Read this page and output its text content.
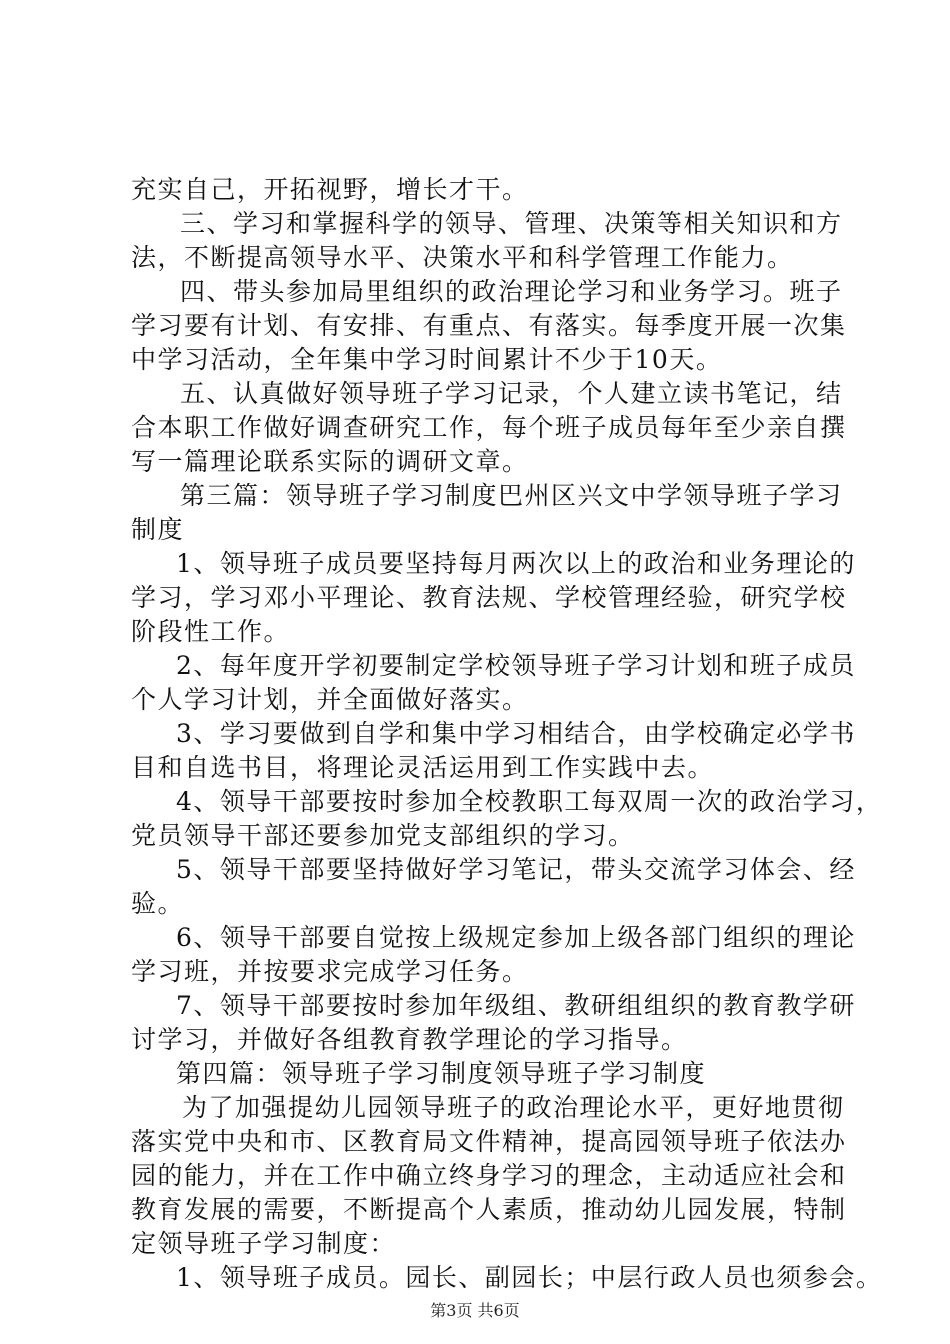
充实自己，开拓视野，增长才干。
三、学习和掌握科学的领导、管理、决策等相关知识和方
法，不断提高领导水平、决策水平和科学管理工作能力。
四、带头参加局里组织的政治理论学习和业务学习。班子
学习要有计划、有安排、有重点、有落实。每季度开展一次集
中学习活动，全年集中学习时间累计不少于10天。
五、认真做好领导班子学习记录，个人建立读书笔记，结
合本职工作做好调查研究工作，每个班子成员每年至少亲自撰
写一篇理论联系实际的调研文章。
第三篇：领导班子学习制度巴州区兴文中学领导班子学习
制度
1、领导班子成员要坚持每月两次以上的政治和业务理论的
学习，学习邓小平理论、教育法规、学校管理经验，研究学校
阶段性工作。
2、每年度开学初要制定学校领导班子学习计划和班子成员
个人学习计划，并全面做好落实。
3、学习要做到自学和集中学习相结合，由学校确定必学书
目和自选书目，将理论灵活运用到工作实践中去。
4、领导干部要按时参加全校教职工每双周一次的政治学习，
党员领导干部还要参加党支部组织的学习。
5、领导干部要坚持做好学习笔记，带头交流学习体会、经
验。
6、领导干部要自觉按上级规定参加上级各部门组织的理论
学习班，并按要求完成学习任务。
7、领导干部要按时参加年级组、教研组组织的教育教学研
讨学习，并做好各组教育教学理论的学习指导。
第四篇：领导班子学习制度领导班子学习制度
为了加强提幼儿园领导班子的政治理论水平，更好地贯彻
落实党中央和市、区教育局文件精神，提高园领导班子依法办
园的能力，并在工作中确立终身学习的理念，主动适应社会和
教育发展的需要，不断提高个人素质，推动幼儿园发展，特制
定领导班子学习制度：
1、领导班子成员。园长、副园长；中层行政人员也须参会。
第3页 共6页
